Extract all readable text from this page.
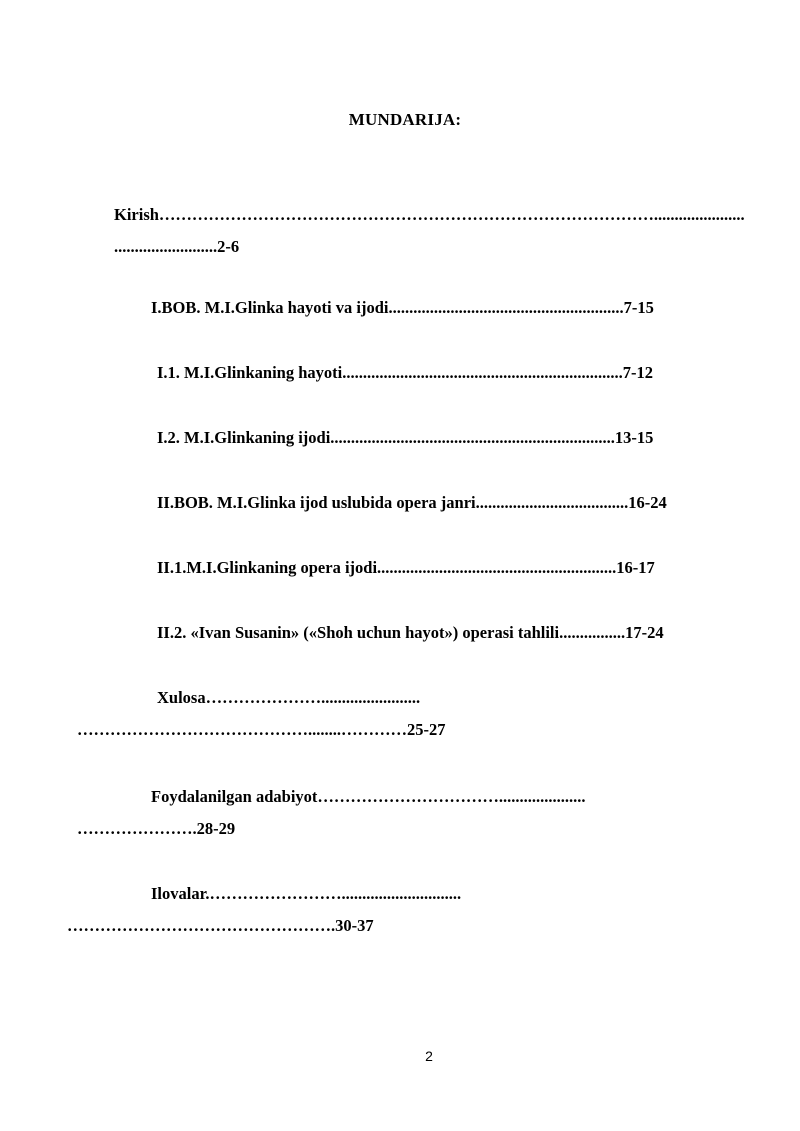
MUNDARIJA:
Kirish………………………………………………………………………………......................
.........................2-6
I.BOB. M.I.Glinka hayoti va ijodi.........................................................7-15
I.1. M.I.Glinkaning hayoti....................................................................7-12
I.2. M.I.Glinkaning ijodi.....................................................................13-15
II.BOB. M.I.Glinka ijod uslubida opera janri.....................................16-24
II.1.M.I.Glinkaning opera ijodi..........................................................16-17
II.2. «Ivan Susanin» («Shoh uchun hayot») operasi tahlili................17-24
Xulosa…………………........................
……………………………………........…………25-27
Foydalanilgan adabiyot…………………………….....................
………………….28-29
Ilovalar.…………………….............................
………………………………………….30-37
2
